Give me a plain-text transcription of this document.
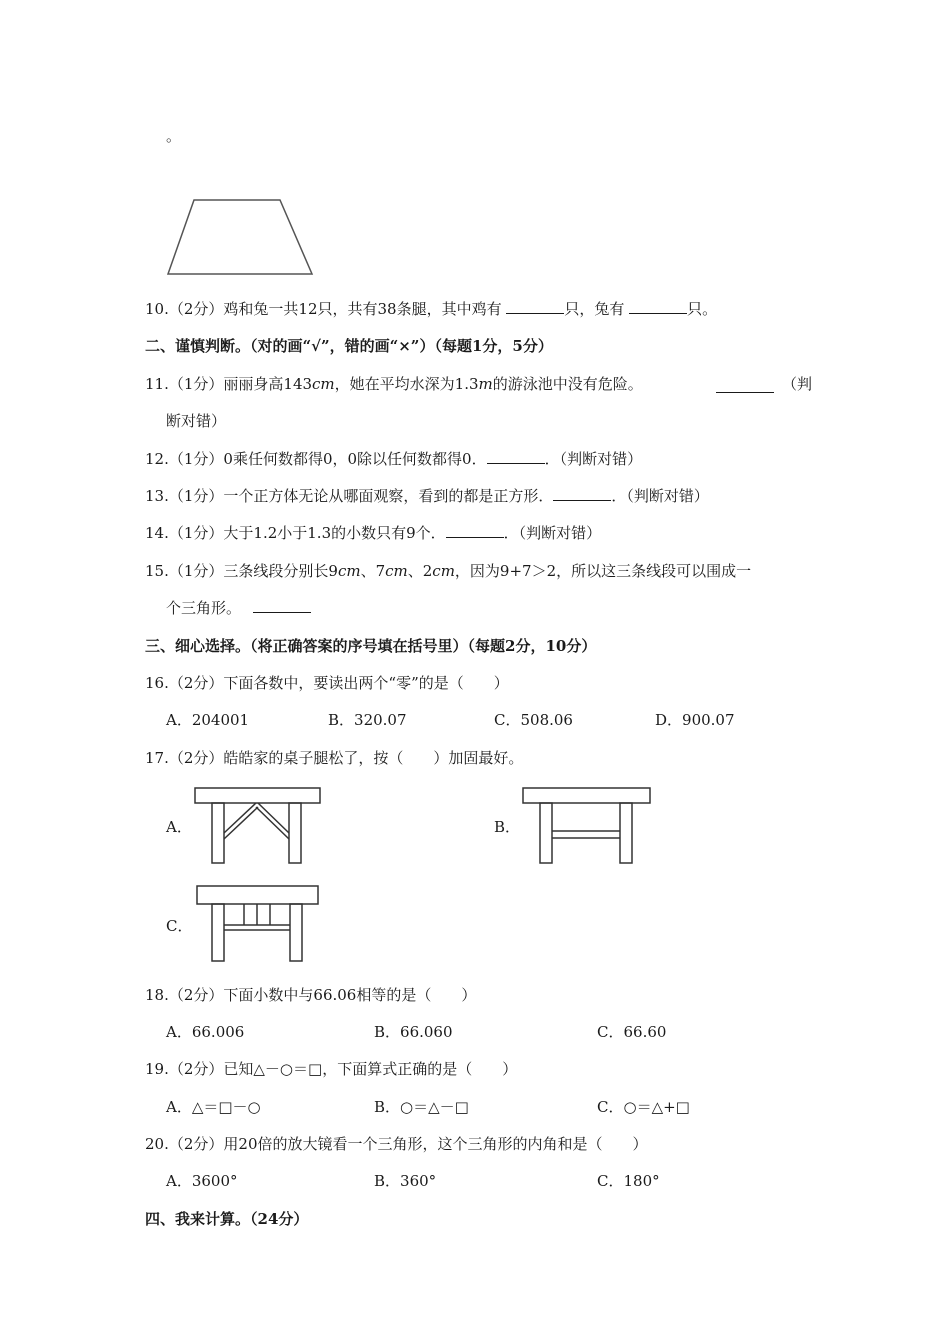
。
10.（2分）鸡和兔一共12只，共有38条腿，其中鸡有	只，兔有	只。
二、谨慎判断。（对的画“√”，错的画“×”）（每题1分，5分）
11.（1分）丽丽身高143cm，她在平均水深为1.3m的游泳池中没有危险。	（判
断对错）
12.（1分）0乘任何数都得0，0除以任何数都得0．	．（判断对错）
13.（1分）一个正方体无论从哪面观察，看到的都是正方形．	．（判断对错）
14.（1分）大于1.2小于1.3的小数只有9个．	．（判断对错）
15.（1分）三条线段分别长9cm、7cm、2cm，因为9+7＞2，所以这三条线段可以围成一
个三角形。
三、细心选择。（将正确答案的序号填在括号里）（每题2分，10分）
16.（2分）下面各数中，要读出两个“零”的是（　　）
A．204001	B．320.07	C．508.06	D．900.07
17.（2分）皓皓家的桌子腿松了，按（　　）加固最好。
A．	B．
C．
18.（2分）下面小数中与66.06相等的是（　　）
A．66.006	B．66.060	C．66.60
19.（2分）已知△－○＝□，下面算式正确的是（　　）
A．△＝□－○	B．○＝△－□	C．○＝△+□
20.（2分）用20倍的放大镜看一个三角形，这个三角形的内角和是（　　）
A．3600°	B．360°	C．180°
四、我来计算。（24分）
